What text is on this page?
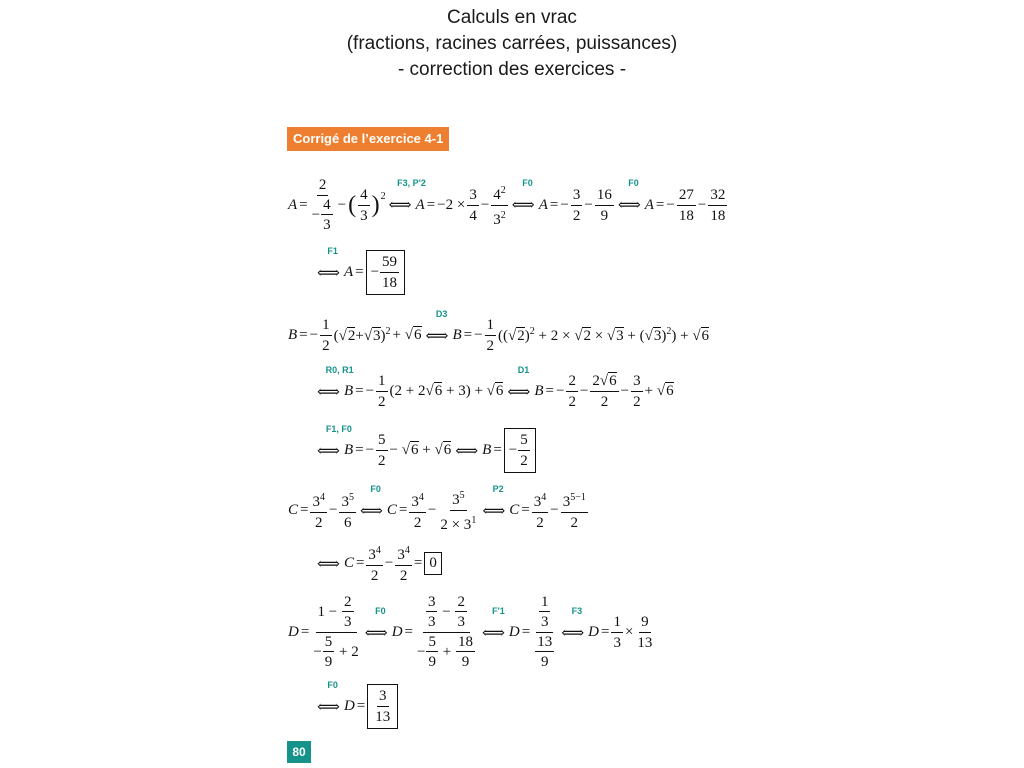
Calculs en vrac
(fractions, racines carrées, puissances)
- correction des exercices -
Corrigé de l’exercice 4-1
$A = \frac{2}{- \frac{4}{3}}$ − ( $\frac{4}{3} )^2$
⟺
F3, P'2
$A = -2 \times \frac{3}{4} - \frac{4^2}{3^2}$ ⟺
F0
A = − $\frac{3}{2} - \frac{16}{9}$ ⟺
F0
A = − $\frac{27}{18} - \frac{32}{18}$
⟺
F1
A = − $\frac{59}{18}$
B = − $\frac{1}{2} (√2+√3)^2 + √6$ ⟺
D3
B = − $\frac{1}{2} ((√2)^2 + 2 \times √2 \times √3 + (√3)^2) + √6$
⟺
R0, R1
B = − $\frac{1}{2} (2 + 2√6 + 3) + √6$ ⟺
D1
B = − $\frac{2}{2} - \frac{2√6}{2} - \frac{3}{2} + √6$
⟺
F1, F0
B = − $\frac{5}{2} - √6 + √6$ ⟺ B = − $\frac{5}{2}$
$C = \frac{3^4}{2} - \frac{3^5}{6}$ ⟺
F0
$C = \frac{3^4}{2} - \frac{3^5}{2 \times 3^1}$ ⟺
P2
$C = \frac{3^4}{2} - \frac{3^{5-1}}{2}$
⟺ $C = \frac{3^4}{2} - \frac{3^4}{2} = 0$
$D = \frac{1 - \frac{2}{3}}{- \frac{5}{9} + 2}$ ⟺
F0
$D = \frac{\frac{3}{3} - \frac{2}{3}}{- \frac{5}{9} + \frac{18}{9}}$ ⟺
F'1
$D = \frac{\frac{1}{3}}{\frac{13}{9}}$ ⟺
F3
$D = \frac{1}{3} \times \frac{9}{13}$
⟺
F0
$D = \frac{3}{13}$
80
